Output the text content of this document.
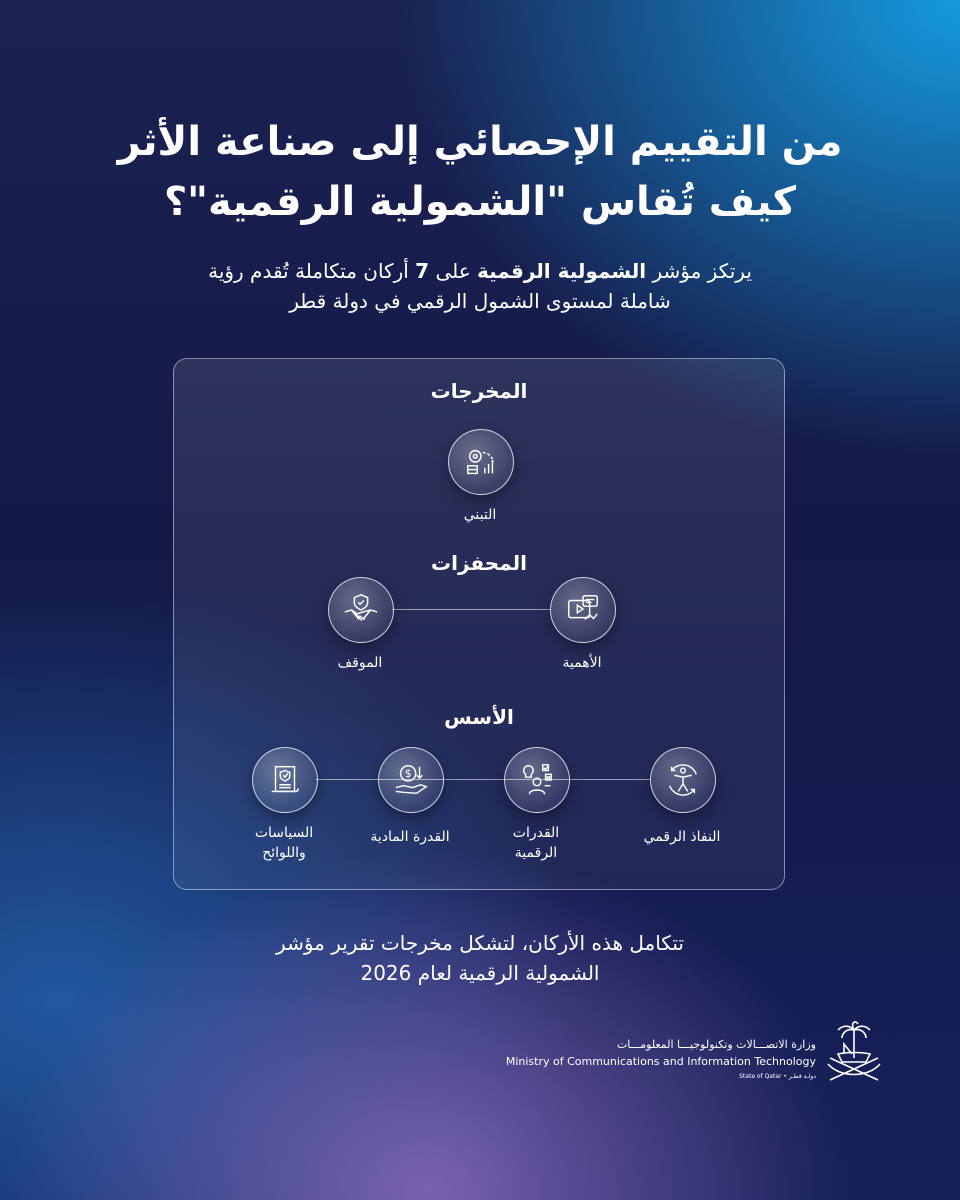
من التقييم الإحصائي إلى صناعة الأثر
كيف تُقاس "الشمولية الرقمية"؟
يرتكز مؤشر الشمولية الرقمية على 7 أركان متكاملة تُقدم رؤية
شاملة لمستوى الشمول الرقمي في دولة قطر
المخرجات
التبني
المحفزات
الأهمية
الموقف
الأسس
النفاذ الرقمي
القدرات
الرقمية
$
القدرة المادية
السياسات
واللوائح
تتكامل هذه الأركان، لتشكل مخرجات تقرير مؤشر
الشمولية الرقمية لعام 2026
وزارة الاتصـــالات وتكنولوجيـــا المعلومـــات
Ministry of Communications and Information Technology
State of Qatar • دولـة قطـر
